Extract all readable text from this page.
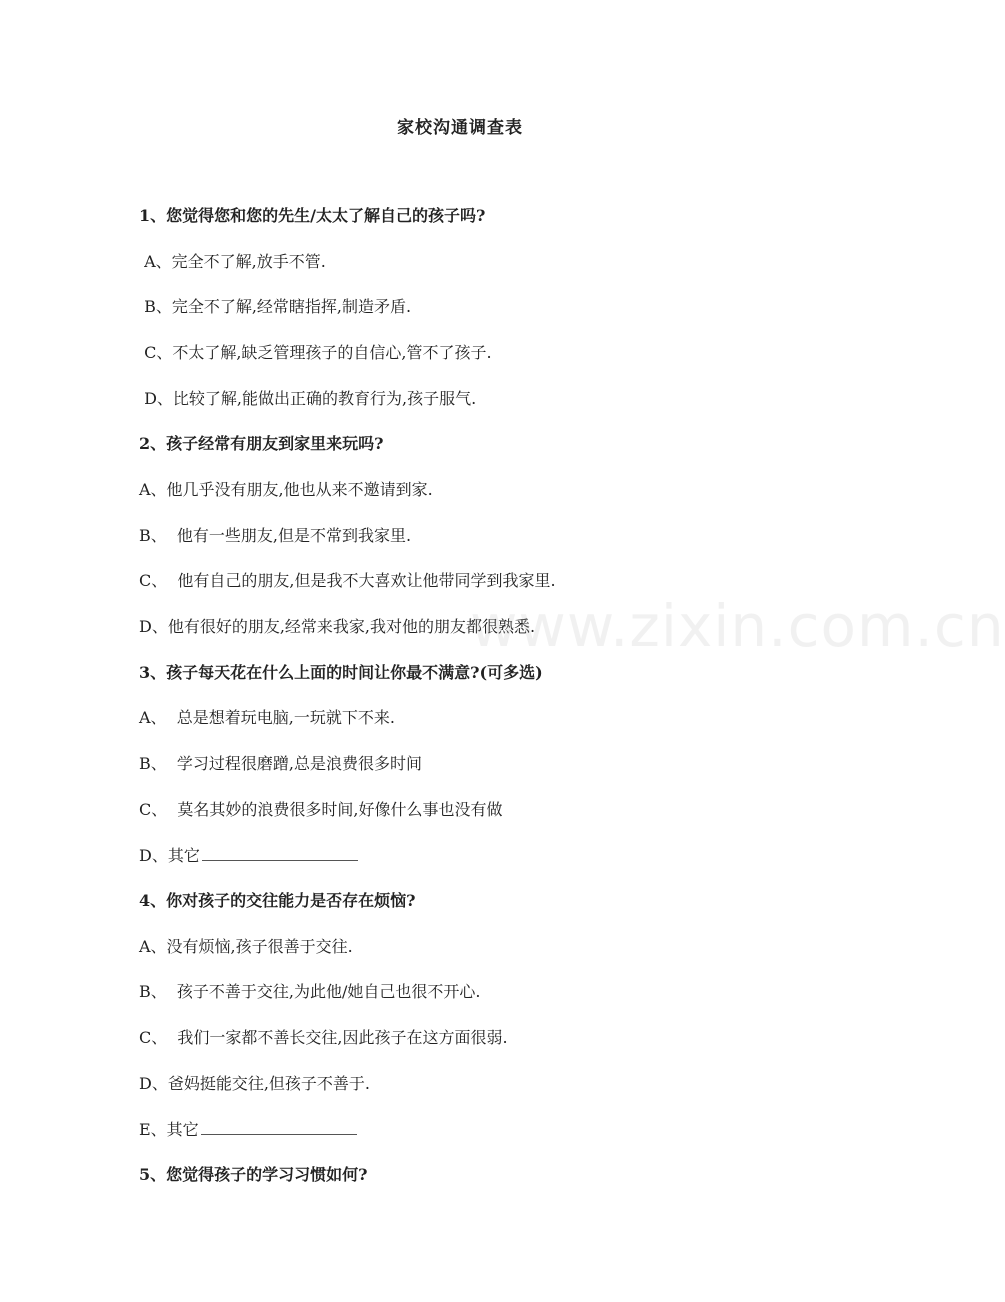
家校沟通调查表
1、您觉得您和您的先生/太太了解自己的孩子吗?
A、完全不了解,放手不管.
B、完全不了解,经常瞎指挥,制造矛盾.
C、不太了解,缺乏管理孩子的自信心,管不了孩子.
D、比较了解,能做出正确的教育行为,孩子服气.
2、孩子经常有朋友到家里来玩吗?
A、他几乎没有朋友,他也从来不邀请到家.
B、  他有一些朋友,但是不常到我家里.
C、  他有自己的朋友,但是我不大喜欢让他带同学到我家里.
D、他有很好的朋友,经常来我家,我对他的朋友都很熟悉.
3、孩子每天花在什么上面的时间让你最不满意?(可多选)
A、  总是想着玩电脑,一玩就下不来.
B、  学习过程很磨蹭,总是浪费很多时间
C、  莫名其妙的浪费很多时间,好像什么事也没有做
D、其它
4、你对孩子的交往能力是否存在烦恼?
A、没有烦恼,孩子很善于交往.
B、  孩子不善于交往,为此他/她自己也很不开心.
C、  我们一家都不善长交往,因此孩子在这方面很弱.
D、爸妈挺能交往,但孩子不善于.
E、其它
5、您觉得孩子的学习习惯如何?
www.zixin.com.cn
